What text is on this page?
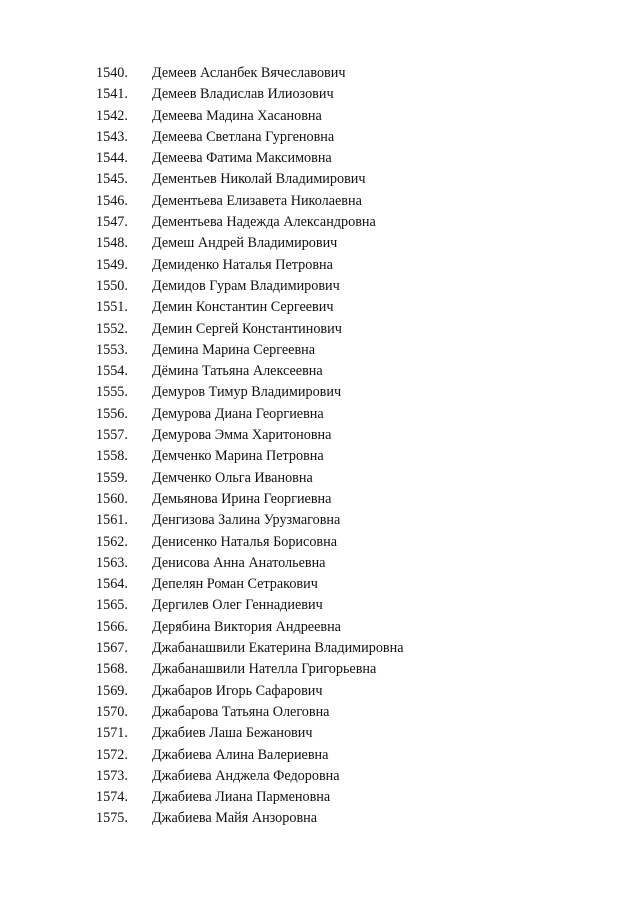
1540.	Демеев Асланбек Вячеславович
1541.	Демеев Владислав Илиозович
1542.	Демеева Мадина Хасановна
1543.	Демеева Светлана Гургеновна
1544.	Демеева Фатима Максимовна
1545.	Дементьев Николай Владимирович
1546.	Дементьева Елизавета Николаевна
1547.	Дементьева Надежда Александровна
1548.	Демеш Андрей Владимирович
1549.	Демиденко Наталья Петровна
1550.	Демидов Гурам Владимирович
1551.	Демин Константин Сергеевич
1552.	Демин Сергей Константинович
1553.	Демина Марина Сергеевна
1554.	Дёмина Татьяна Алексеевна
1555.	Демуров Тимур Владимирович
1556.	Демурова Диана Георгиевна
1557.	Демурова Эмма Харитоновна
1558.	Демченко Марина Петровна
1559.	Демченко Ольга Ивановна
1560.	Демьянова Ирина Георгиевна
1561.	Денгизова Залина Урузмаговна
1562.	Денисенко Наталья Борисовна
1563.	Денисова Анна Анатольевна
1564.	Депелян Роман Сетракович
1565.	Дергилев Олег Геннадиевич
1566.	Дерябина Виктория Андреевна
1567.	Джабанашвили Екатерина Владимировна
1568.	Джабанашвили Нателла Григорьевна
1569.	Джабаров Игорь Сафарович
1570.	Джабарова Татьяна Олеговна
1571.	Джабиев Лаша Бежанович
1572.	Джабиева Алина Валериевна
1573.	Джабиева Анджела Федоровна
1574.	Джабиева Лиана Парменовна
1575.	Джабиева Майя Анзоровна
